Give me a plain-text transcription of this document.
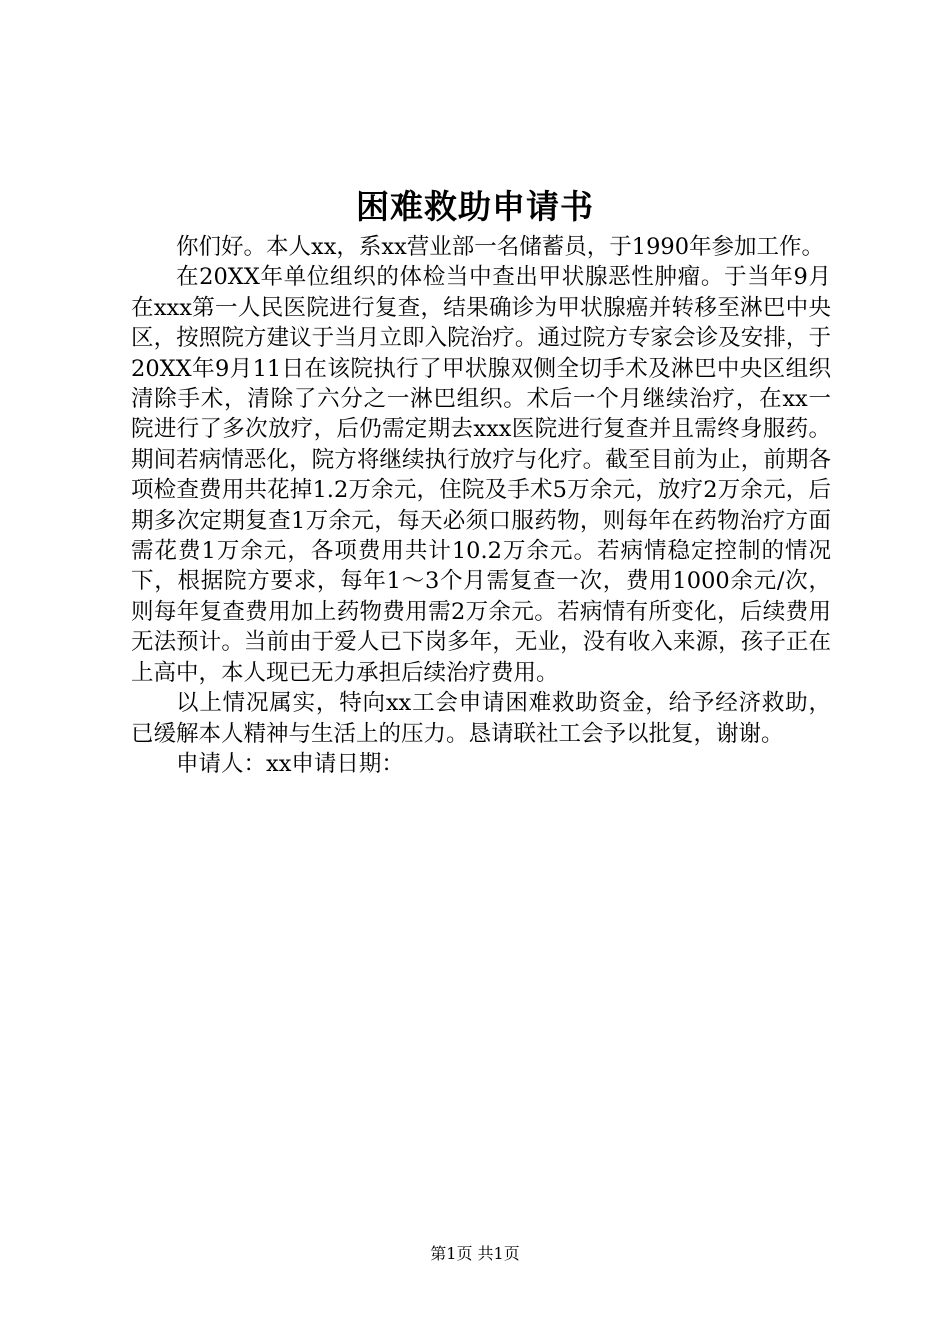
困难救助申请书

你们好。本人xx，系xx营业部一名储蓄员，于1990年参加工作。

在20XX年单位组织的体检当中查出甲状腺恶性肿瘤。于当年9月在xxx第一人民医院进行复查，结果确诊为甲状腺癌并转移至淋巴中央区，按照院方建议于当月立即入院治疗。通过院方专家会诊及安排，于20XX年9月11日在该院执行了甲状腺双侧全切手术及淋巴中央区组织清除手术，清除了六分之一淋巴组织。术后一个月继续治疗，在xx一院进行了多次放疗，后仍需定期去xxx医院进行复查并且需终身服药。期间若病情恶化，院方将继续执行放疗与化疗。截至目前为止，前期各项检查费用共花掉1.2万余元，住院及手术5万余元，放疗2万余元，后期多次定期复查1万余元，每天必须口服药物，则每年在药物治疗方面需花费1万余元，各项费用共计10.2万余元。若病情稳定控制的情况下，根据院方要求，每年1～3个月需复查一次，费用1000余元/次，则每年复查费用加上药物费用需2万余元。若病情有所变化，后续费用无法预计。当前由于爱人已下岗多年，无业，没有收入来源，孩子正在上高中，本人现已无力承担后续治疗费用。

以上情况属实，特向xx工会申请困难救助资金，给予经济救助，已缓解本人精神与生活上的压力。恳请联社工会予以批复，谢谢。

申请人：xx申请日期：

第1页 共1页
